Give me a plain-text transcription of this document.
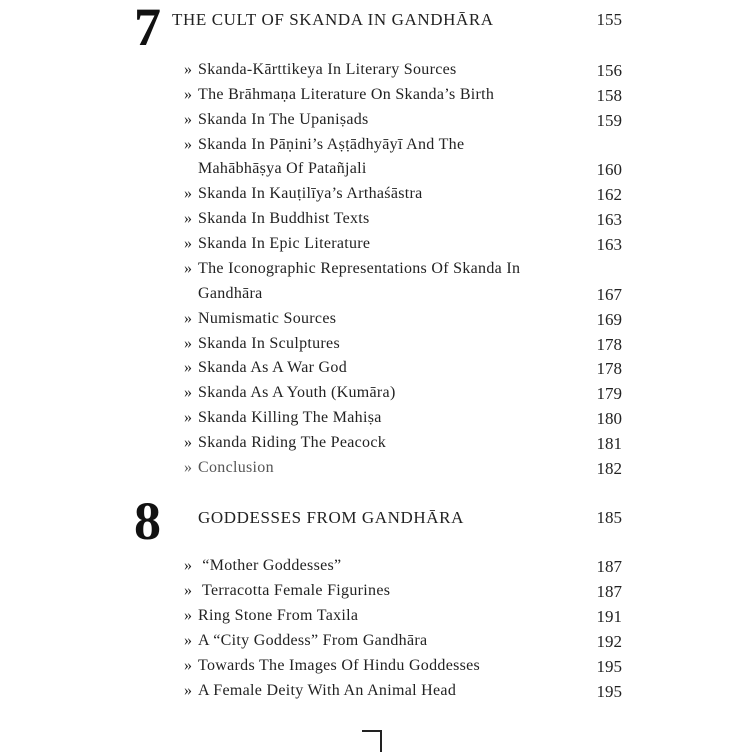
7 THE CULT OF SKANDA IN GANDHĀRA	155
» Skanda-Kārttikeya In Literary Sources	156
» The Brāhmaṇa Literature On Skanda’s Birth	158
» Skanda In The Upaniṣads	159
» Skanda In Pāṇini’s Aṣṭādhyāyī And The
Mahābhāṣya Of Patañjali	160
» Skanda In Kauṭilīya’s Arthaśāstra	162
» Skanda In Buddhist Texts	163
» Skanda In Epic Literature	163
» The Iconographic Representations Of Skanda In
Gandhāra	167
» Numismatic Sources	169
» Skanda In Sculptures	178
» Skanda As A War God	178
» Skanda As A Youth (Kumāra)	179
» Skanda Killing The Mahiṣa	180
» Skanda Riding The Peacock	181
» Conclusion	182
8 GODDESSES FROM GANDHĀRA	185
» “Mother Goddesses”	187
» Terracotta Female Figurines	187
» Ring Stone From Taxila	191
» A “City Goddess” From Gandhāra	192
» Towards The Images Of Hindu Goddesses	195
» A Female Deity With An Animal Head	195
